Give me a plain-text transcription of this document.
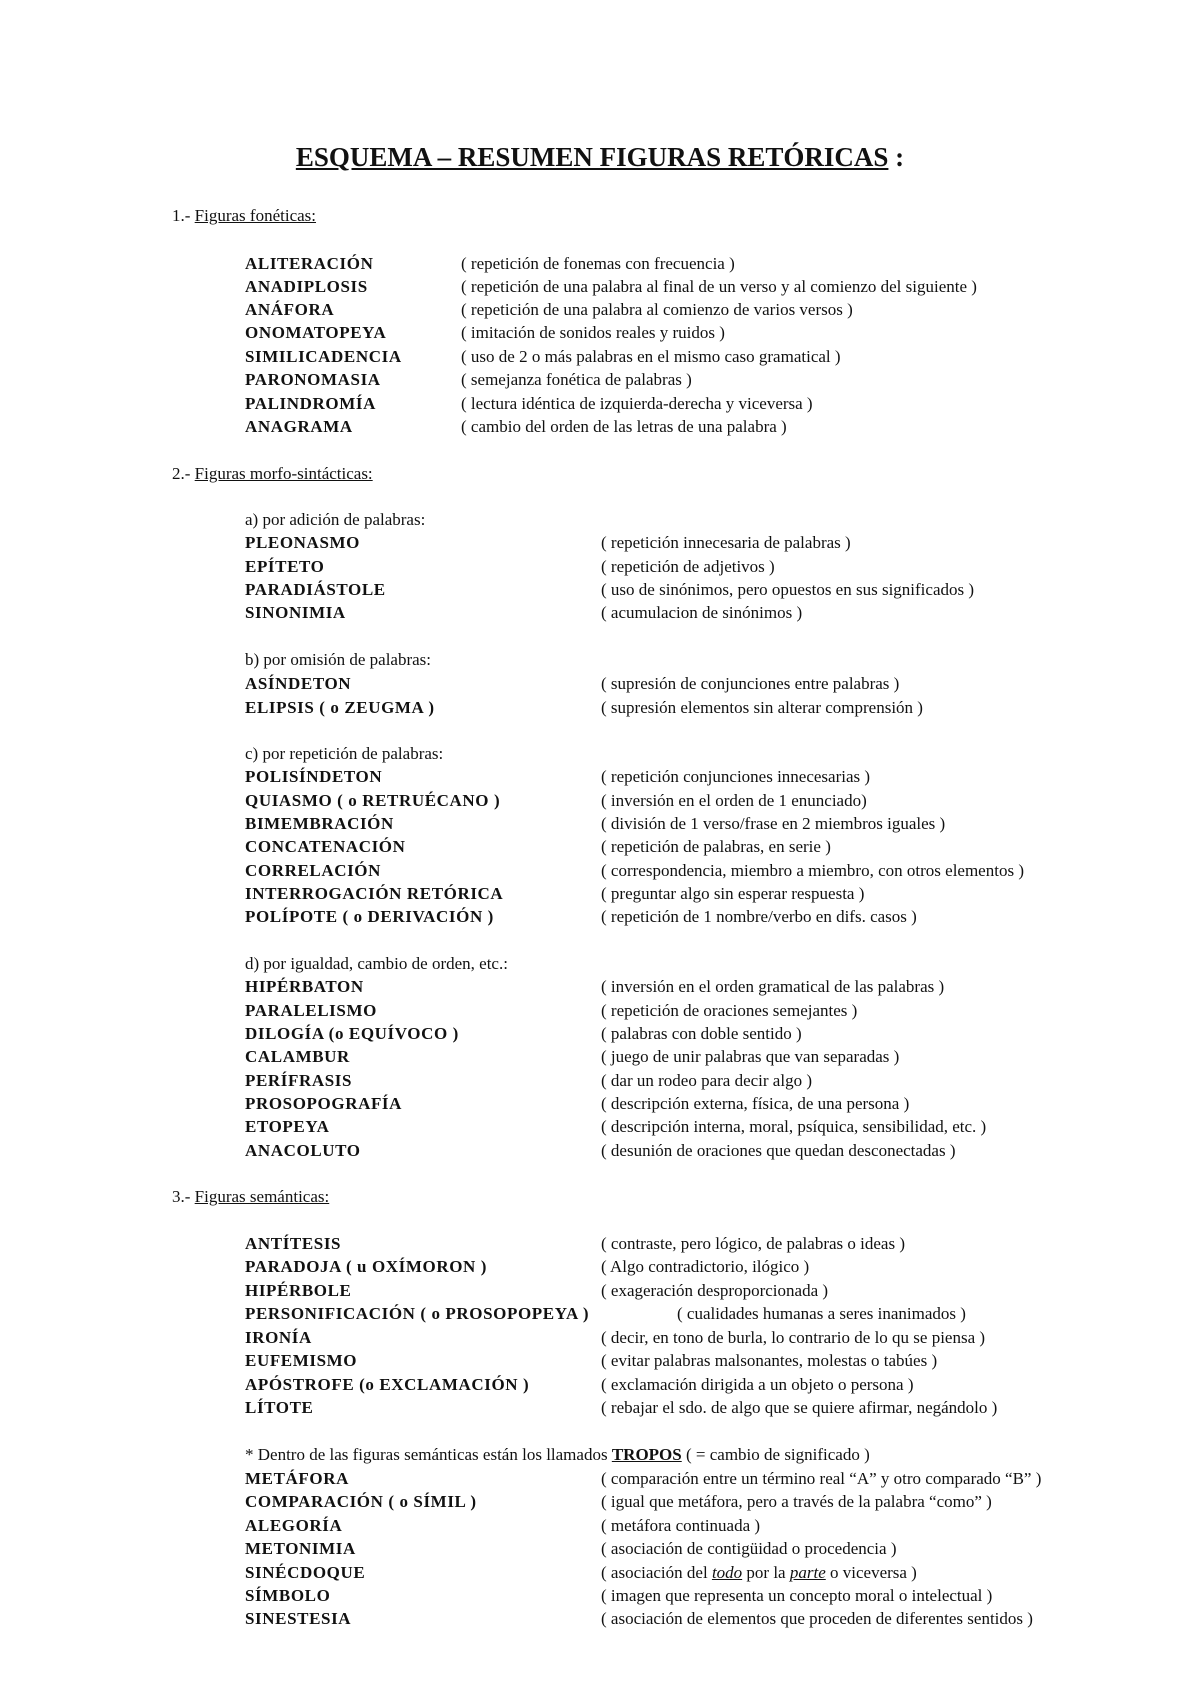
ESQUEMA – RESUMEN FIGURAS RETÓRICAS :
1.- Figuras fonéticas:
ALITERACIÓN	( repetición de fonemas con frecuencia )
ANADIPLOSIS	( repetición de una palabra al final de un verso y al comienzo del siguiente )
ANÁFORA	( repetición de una palabra al comienzo de varios versos )
ONOMATOPEYA	( imitación de sonidos reales y ruidos )
SIMILICADENCIA	( uso de 2 o más palabras en el mismo caso gramatical )
PARONOMASIA	( semejanza fonética de palabras )
PALINDROMÍA	( lectura idéntica de izquierda-derecha y viceversa )
ANAGRAMA	( cambio del orden de las letras de una palabra )
2.- Figuras morfo-sintácticas:
a) por adición de palabras:
PLEONASMO	( repetición innecesaria de palabras )
EPÍTETO	( repetición de adjetivos )
PARADIÁSTOLE	( uso de sinónimos, pero opuestos en sus significados )
SINONIMIA	( acumulacion de sinónimos )
b) por omisión de palabras:
ASÍNDETON	( supresión de conjunciones entre palabras )
ELIPSIS ( o ZEUGMA )	( supresión elementos sin alterar comprensión )
c) por repetición de palabras:
POLISÍNDETON	( repetición conjunciones innecesarias )
QUIASMO ( o RETRUÉCANO )	( inversión en el orden de 1 enunciado)
BIMEMBRACIÓN	( división de 1 verso/frase en 2 miembros iguales )
CONCATENACIÓN	( repetición de palabras, en serie )
CORRELACIÓN	( correspondencia, miembro a miembro, con otros elementos )
INTERROGACIÓN RETÓRICA	( preguntar algo sin esperar respuesta )
POLÍPOTE ( o DERIVACIÓN )	( repetición de 1 nombre/verbo en difs. casos )
d) por igualdad, cambio de orden, etc.:
HIPÉRBATON	( inversión en el orden gramatical de las palabras )
PARALELISMO	( repetición de oraciones semejantes )
DILOGÍA (o EQUÍVOCO )	( palabras con doble sentido )
CALAMBUR	( juego de unir palabras que van separadas )
PERÍFRASIS	( dar un rodeo para decir algo )
PROSOPOGRAFÍA	( descripción externa, física, de una persona )
ETOPEYA	( descripción interna, moral, psíquica, sensibilidad, etc. )
ANACOLUTO	( desunión de oraciones que quedan desconectadas )
3.- Figuras semánticas:
ANTÍTESIS	( contraste, pero lógico, de palabras o ideas )
PARADOJA ( u OXÍMORON )	( Algo contradictorio, ilógico )
HIPÉRBOLE	( exageración desproporcionada )
PERSONIFICACIÓN ( o PROSOPOPEYA )	( cualidades humanas a seres inanimados )
IRONÍA	( decir, en tono de burla, lo contrario de lo qu se piensa )
EUFEMISMO	( evitar palabras malsonantes, molestas o tabúes )
APÓSTROFE (o EXCLAMACIÓN )	( exclamación dirigida a un objeto o persona )
LÍTOTE	( rebajar el sdo. de algo que se quiere afirmar, negándolo )
* Dentro de las figuras semánticas están los llamados TROPOS ( = cambio de significado )
METÁFORA	( comparación entre un término real “A” y otro comparado “B” )
COMPARACIÓN ( o SÍMIL )	( igual que metáfora, pero a través de la palabra “como” )
ALEGORÍA	( metáfora continuada )
METONIMIA	( asociación de contigüidad o procedencia )
SINÉCDOQUE	( asociación del todo por la parte o viceversa )
SÍMBOLO	( imagen que representa un concepto moral o intelectual )
SINESTESIA	( asociación de elementos que proceden de diferentes sentidos )
